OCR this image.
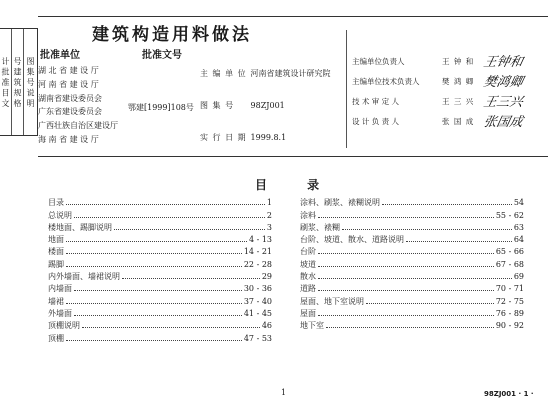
计 批 准 目 文 号 建 筑 规 格 图 集 号 说 明
建筑构造用料做法
批准单位	批准文号
湖 北 省 建 设 厅
河 南 省 建 设 厅
湖南省建设委员会
广东省建设委员会
广西壮族自治区建设厅
海 南 省 建 设 厅
鄂建[1999]108号
主 编 单 位 河南省建筑设计研究院
图 集 号 98ZJ001
实 行 日 期 1999.8.1
主编单位负责人	王 钟 和 王钟和
主编单位技术负责人	樊 鸿 卿 樊鸿卿
技 术 审 定 人	王 三 兴 王三兴
设 计 负 责 人	张 国 成 张国成
目 录
目录	1
总说明	2
楼地面、踢脚说明	3
地面	4 - 13
楼面	14 - 21
踢脚	22 - 28
内外墙面、墙裙说明	29
内墙面	30 - 36
墙裙	37 - 40
外墙面	41 - 45
顶棚说明	46
顶棚	47 - 53
涂料、刷浆、裱糊说明	54
涂料	55 - 62
刷浆、裱糊	63
台阶、坡道、散水、道路说明	64
台阶	65 - 66
坡道	67 - 68
散水	69
道路	70 - 71
屋面、地下室说明	72 - 75
屋面	76 - 89
地下室	90 - 92
1	98ZJ001 · 1 ·
